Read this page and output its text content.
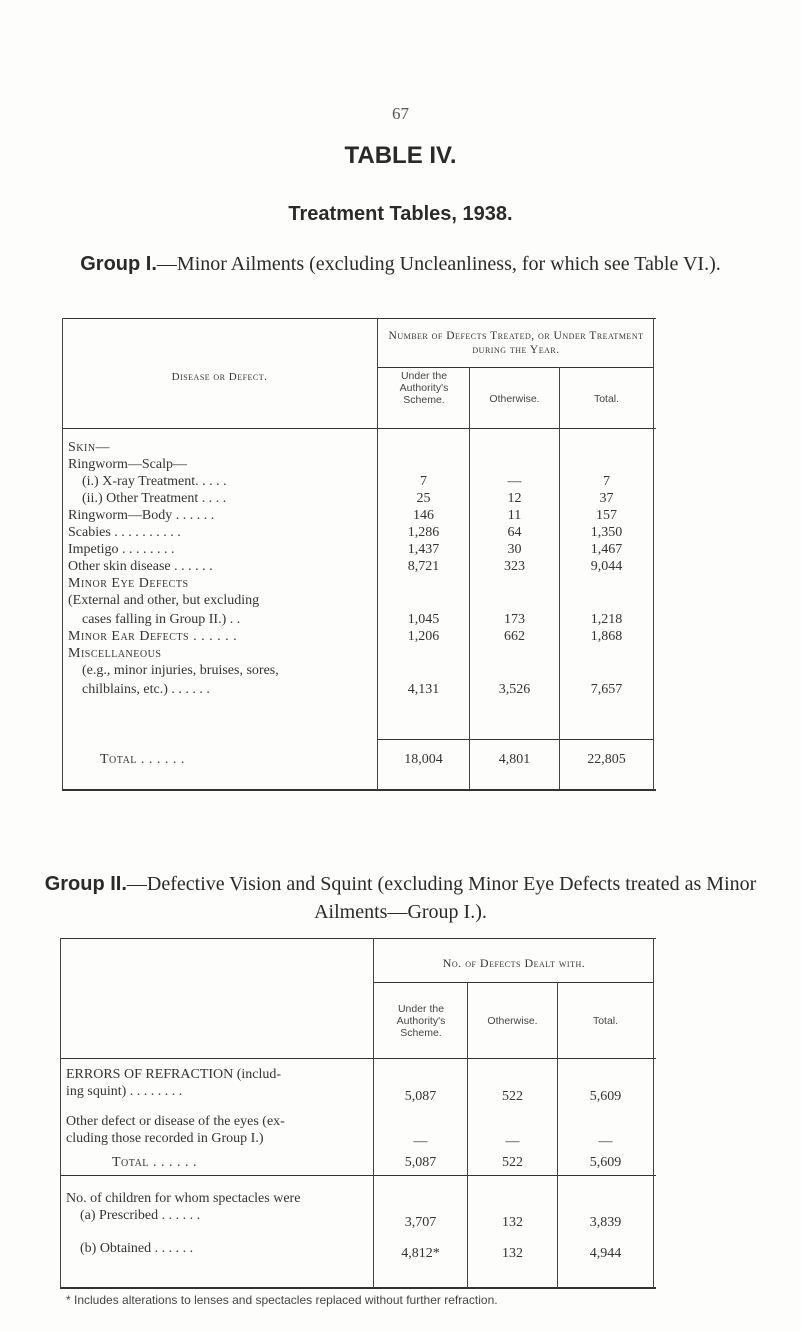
67
TABLE IV.
Treatment Tables, 1938.
Group I.—Minor Ailments (excluding Uncleanliness, for which see Table VI.).
Disease or Defect.
Number of Defects Treated, or Under Treatment during the Year.
Under the Authority's Scheme.	Otherwise.	Total.
Skin—
Ringworm—Scalp—
(i.) X-ray Treatment. . . . .	7	—	7
(ii.) Other Treatment . . . .	25	12	37
Ringworm—Body . . . . . .	146	11	157
Scabies . . . . . . . . . .	1,286	64	1,350
Impetigo . . . . . . . .	1,437	30	1,467
Other skin disease . . . . . .	8,721	323	9,044
Minor Eye Defects
(External and other, but excluding
cases falling in Group II.) . .	1,045	173	1,218
Minor Ear Defects . . . . . .	1,206	662	1,868
Miscellaneous
(e.g., minor injuries, bruises, sores,
chilblains, etc.) . . . . . .	4,131	3,526	7,657
Total . . . . . .	18,004	4,801	22,805
Group II.—Defective Vision and Squint (excluding Minor Eye Defects treated as Minor Ailments—Group I.).
No. of Defects Dealt with.
Under the Authority's Scheme.
Otherwise.	Total.
ERRORS OF REFRACTION (includ-
ing squint) . . . . . . . .	5,087	522	5,609
Other defect or disease of the eyes (ex-
cluding those recorded in Group I.)	—	—	—
Total . . . . . .	5,087	522	5,609
No. of children for whom spectacles were
(a) Prescribed . . . . . .	3,707	132	3,839
(b) Obtained . . . . . .	4,812*	132	4,944
* Includes alterations to lenses and spectacles replaced without further refraction.
